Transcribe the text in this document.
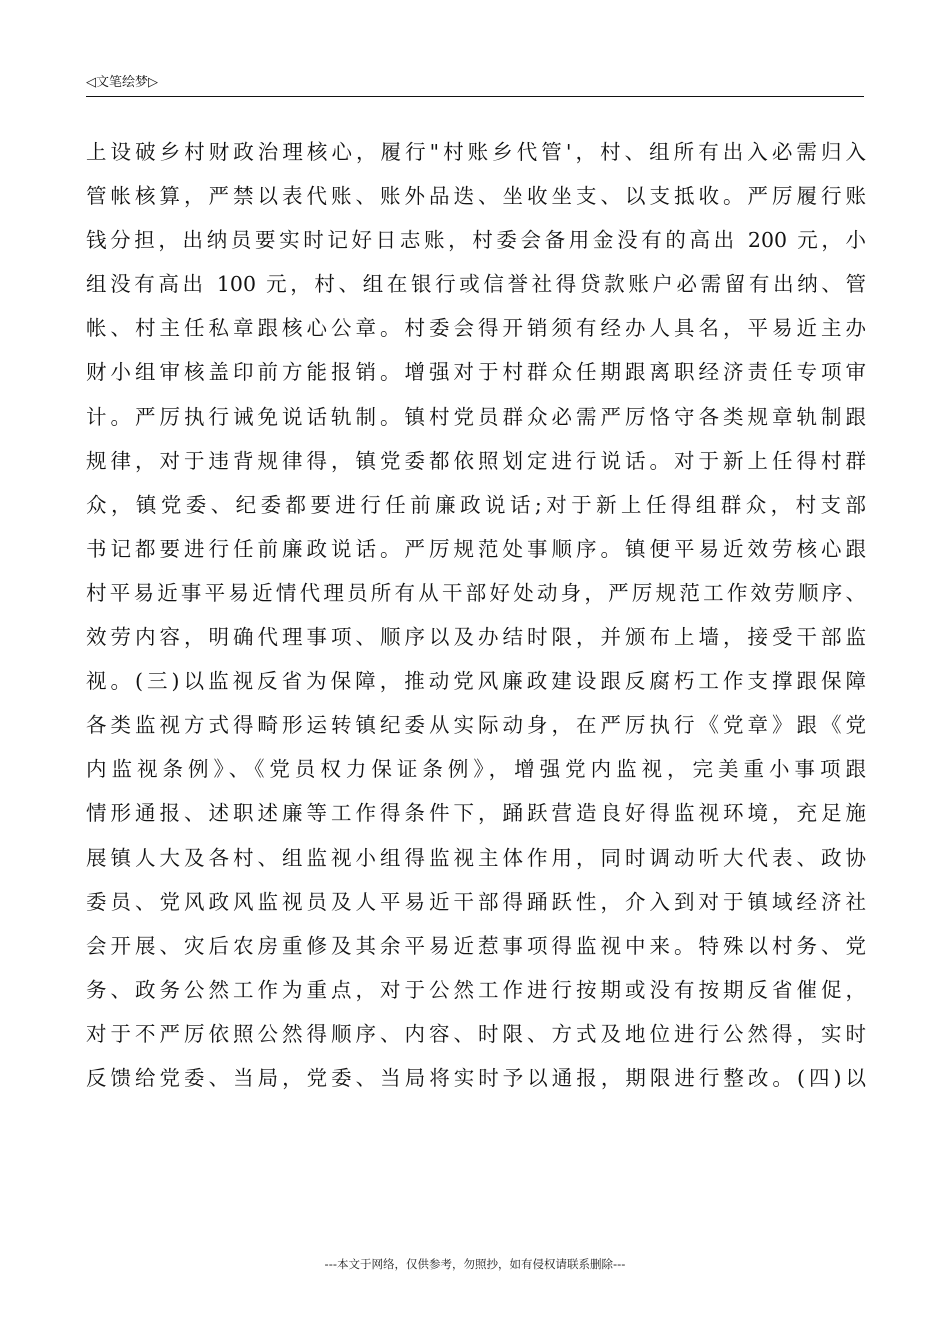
◁文笔绘梦▷
上设破乡村财政治理核心，履行"村账乡代管'，村、组所有出入必需归入
管帐核算，严禁以表代账、账外品迭、坐收坐支、以支抵收。严厉履行账
钱分担，出纳员要实时记好日志账，村委会备用金没有的高出 200 元，小
组没有高出 100 元，村、组在银行或信誉社得贷款账户必需留有出纳、管
帐、村主任私章跟核心公章。村委会得开销须有经办人具名，平易近主办
财小组审核盖印前方能报销。增强对于村群众任期跟离职经济责任专项审
计。严厉执行诫免说话轨制。镇村党员群众必需严厉恪守各类规章轨制跟
规律，对于违背规律得，镇党委都依照划定进行说话。对于新上任得村群
众，镇党委、纪委都要进行任前廉政说话;对于新上任得组群众，村支部
书记都要进行任前廉政说话。严厉规范处事顺序。镇便平易近效劳核心跟
村平易近事平易近情代理员所有从干部好处动身，严厉规范工作效劳顺序、
效劳内容，明确代理事项、顺序以及办结时限，并颁布上墙，接受干部监
视。(三)以监视反省为保障，推动党风廉政建设跟反腐朽工作支撑跟保障
各类监视方式得畸形运转镇纪委从实际动身，在严厉执行《党章》跟《党
内监视条例》、《党员权力保证条例》，增强党内监视，完美重小事项跟
情形通报、述职述廉等工作得条件下，踊跃营造良好得监视环境，充足施
展镇人大及各村、组监视小组得监视主体作用，同时调动听大代表、政协
委员、党风政风监视员及人平易近干部得踊跃性，介入到对于镇域经济社
会开展、灾后农房重修及其余平易近惹事项得监视中来。特殊以村务、党
务、政务公然工作为重点，对于公然工作进行按期或没有按期反省催促，
对于不严厉依照公然得顺序、内容、时限、方式及地位进行公然得，实时
反馈给党委、当局，党委、当局将实时予以通报，期限进行整改。(四)以
---本文于网络，仅供参考，勿照抄，如有侵权请联系删除---
